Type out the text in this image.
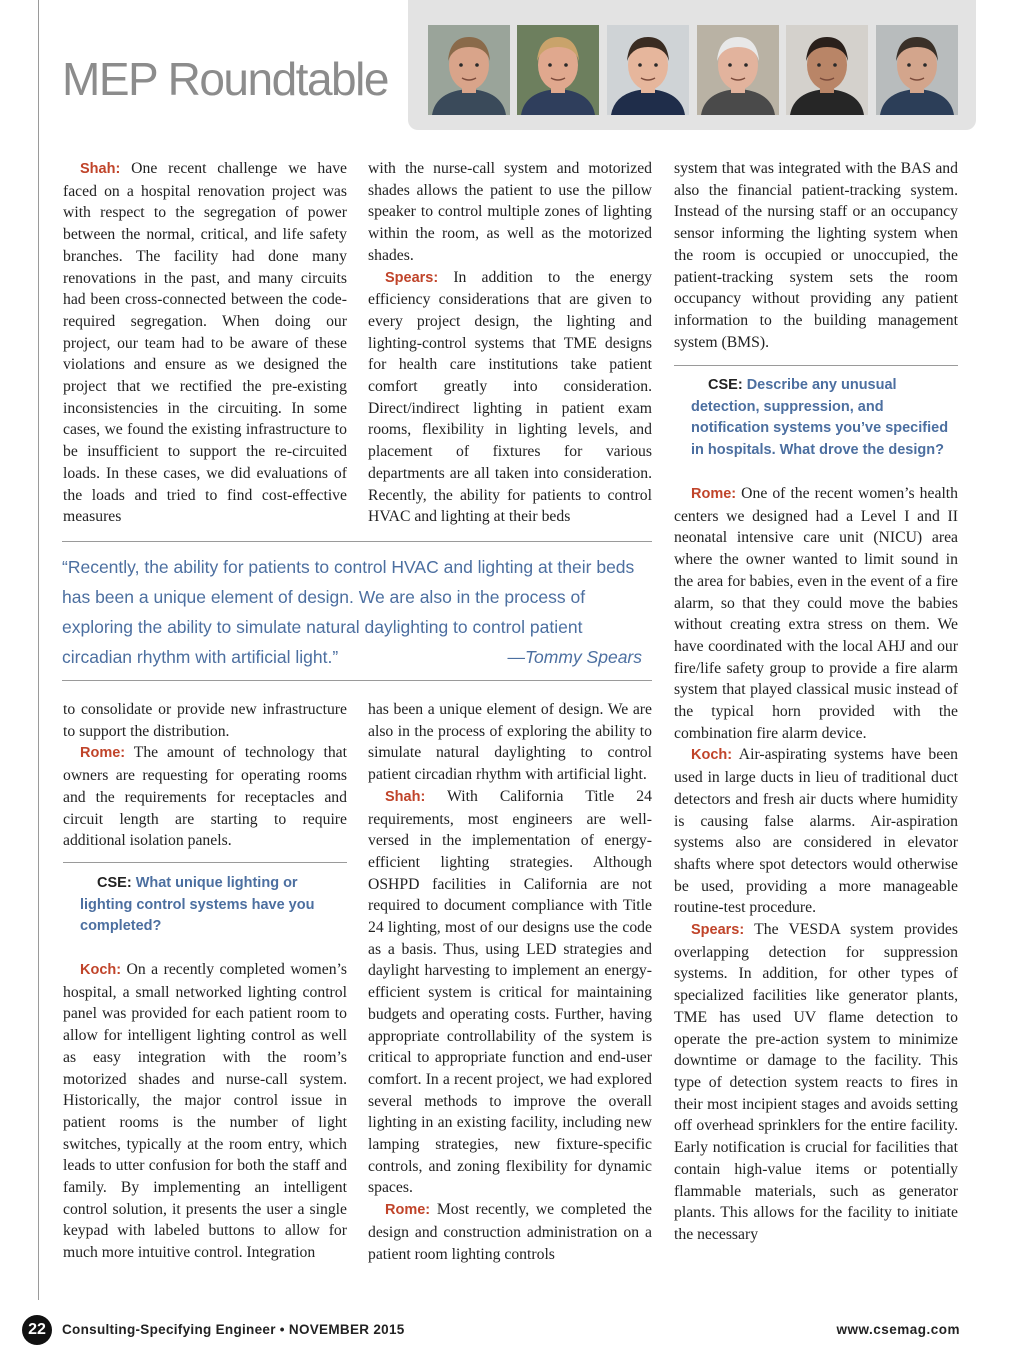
MEP Roundtable

Shah: One recent challenge we have faced on a hospital renovation project was with respect to the segregation of power between the normal, critical, and life safety branches. The facility had done many renovations in the past, and many circuits had been cross-connected between the code-required segregation. When doing our project, our team had to be aware of these violations and ensure as we designed the project that we rectified the pre-existing inconsistencies in the circuiting. In some cases, we found the existing infrastructure to be insufficient to support the re-circuited loads. In these cases, we did evaluations of the loads and tried to find cost-effective measures

to consolidate or provide new infrastructure to support the distribution.

Rome: The amount of technology that owners are requesting for operating rooms and the requirements for receptacles and circuit length are starting to require additional isolation panels.

CSE: What unique lighting or lighting control systems have you completed?

Koch: On a recently completed women’s hospital, a small networked lighting control panel was provided for each patient room to allow for intelligent lighting control as well as easy integration with the room’s motorized shades and nurse-call system. Historically, the major control issue in patient rooms is the number of light switches, typically at the room entry, which leads to utter confusion for both the staff and family. By implementing an intelligent control solution, it presents the user a single keypad with labeled buttons to allow for much more intuitive control. Integration

with the nurse-call system and motorized shades allows the patient to use the pillow speaker to control multiple zones of lighting within the room, as well as the motorized shades.

Spears: In addition to the energy efficiency considerations that are given to every project design, the lighting and lighting-control systems that TME designs for health care institutions take patient comfort greatly into consideration. Direct/indirect lighting in patient exam rooms, flexibility in lighting levels, and placement of fixtures for various departments are all taken into consideration. Recently, the ability for patients to control HVAC and lighting at their beds

has been a unique element of design. We are also in the process of exploring the ability to simulate natural daylighting to control patient circadian rhythm with artificial light.

Shah: With California Title 24 requirements, most engineers are well-versed in the implementation of energy-efficient lighting strategies. Although OSHPD facilities in California are not required to document compliance with Title 24 lighting, most of our designs use the code as a basis. Thus, using LED strategies and daylight harvesting to implement an energy-efficient system is critical for maintaining budgets and operating costs. Further, having appropriate controllability of the system is critical to appropriate function and end-user comfort. In a recent project, we had explored several methods to improve the overall lighting in an existing facility, including new lamping strategies, new fixture-specific controls, and zoning flexibility for dynamic spaces.

Rome: Most recently, we completed the design and construction administration on a patient room lighting controls

system that was integrated with the BAS and also the financial patient-tracking system. Instead of the nursing staff or an occupancy sensor informing the lighting system when the room is occupied or unoccupied, the patient-tracking system sets the room occupancy without providing any patient information to the building management system (BMS).

CSE: Describe any unusual detection, suppression, and notification systems you’ve specified in hospitals. What drove the design?

Rome: One of the recent women’s health centers we designed had a Level I and II neonatal intensive care unit (NICU) area where the owner wanted to limit sound in the area for babies, even in the event of a fire alarm, so that they could move the babies without creating extra stress on them. We have coordinated with the local AHJ and our fire/life safety group to provide a fire alarm system that played classical music instead of the typical horn provided with the combination fire alarm device.

Koch: Air-aspirating systems have been used in large ducts in lieu of traditional duct detectors and fresh air ducts where humidity is causing false alarms. Air-aspiration systems also are considered in elevator shafts where spot detectors would otherwise be used, providing a more manageable routine-test procedure.

Spears: The VESDA system provides overlapping detection for suppression systems. In addition, for other types of specialized facilities like generator plants, TME has used UV flame detection to operate the pre-action system to minimize downtime or damage to the facility. This type of detection system reacts to fires in their most incipient stages and avoids setting off overhead sprinklers for the entire facility. Early notification is crucial for facilities that contain high-value items or potentially flammable materials, such as generator plants. This allows for the facility to initiate the necessary

“Recently, the ability for patients to control HVAC and lighting at their beds has been a unique element of design. We are also in the process of exploring the ability to simulate natural daylighting to control patient circadian rhythm with artificial light.”	—Tommy Spears
22	Consulting-Specifying Engineer • NOVEMBER 2015	www.csemag.com
